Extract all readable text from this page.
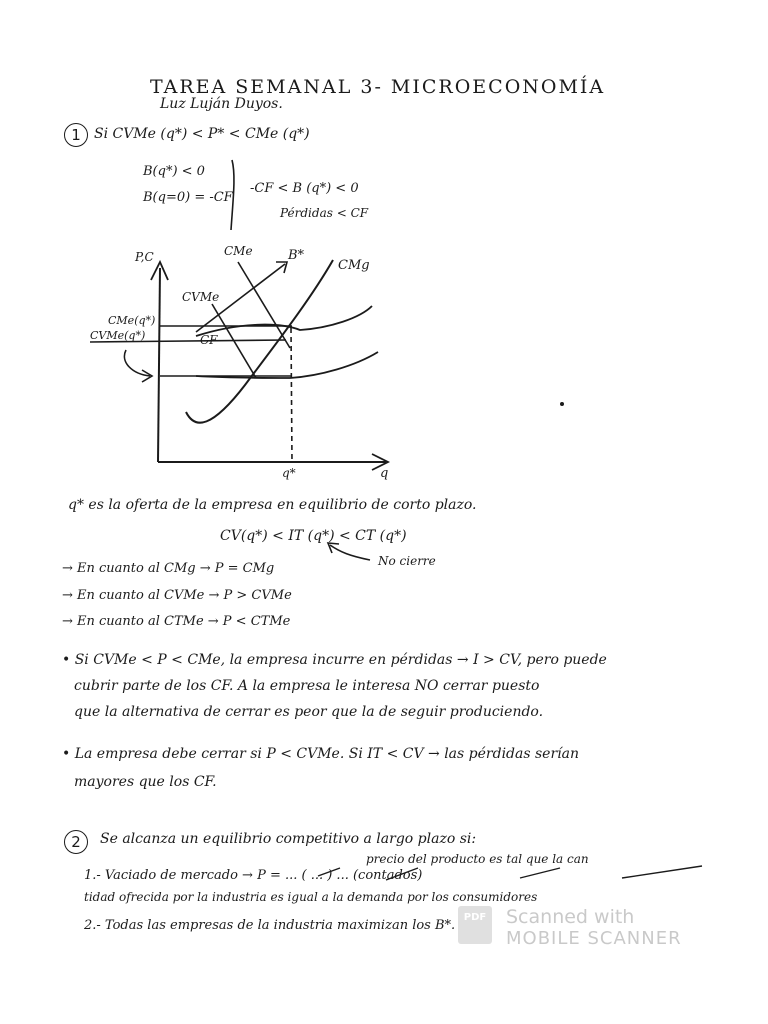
TAREA SEMANAL 3- MICROECONOMÍA
Luz Luján Duyos.
1 Si CVMe (q*) < P* < CMe (q*)
B(q*) < 0
B(q=0) = -CF
-CF < B (q*) < 0
Pérdidas < CF
P,C
q
q*
CMe
CVMe
CMg
B*
CMe(q*)
CVMe(q*)	CF
q* es la oferta de la empresa en equilibrio de corto plazo.
CV(q*) < IT (q*) < CT (q*)
No cierre
→ En cuanto al CMg → P = CMg
→ En cuanto al CVMe → P > CVMe
→ En cuanto al CTMe → P < CTMe
• Si CVMe < P < CMe, la empresa incurre en pérdidas → I > CV, pero puede
cubrir parte de los CF. A la empresa le interesa NO cerrar puesto
que la alternativa de cerrar es peor que la de seguir produciendo.
• La empresa debe cerrar si P < CVMe. Si IT < CV → las pérdidas serían
mayores que los CF.
2	Se alcanza un equilibrio competitivo a largo plazo si:
precio del producto es tal que la can
1.- Vaciado de mercado → P = ... ( ... ) ... (contados)
tidad ofrecida por la industria es igual a la demanda por los consumidores
2.- Todas las empresas de la industria maximizan los B*.
PDF	Scanned with
MOBILE SCANNER
